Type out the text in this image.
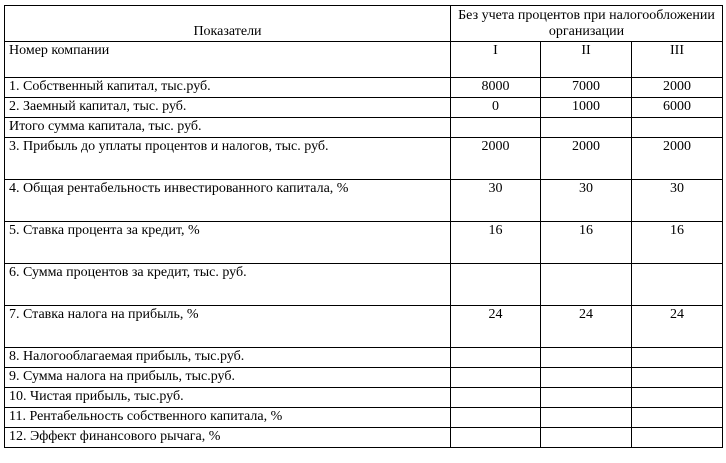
Показатели	Без учета процентов при налогообложении организации		
Номер компании	I	II	III
1. Собственный капитал, тыс.руб.	8000	7000	2000
2. Заемный капитал, тыс. руб.	0	1000	6000
Итого сумма капитала, тыс. руб.			
3. Прибыль до уплаты процентов и налогов, тыс. руб.	2000	2000	2000
4. Общая рентабельность инвестированного капитала, %	30	30	30
5. Ставка процента за кредит, %	16	16	16
6. Сумма процентов за кредит, тыс. руб.			
7. Ставка налога на прибыль, %	24	24	24
8. Налогооблагаемая прибыль, тыс.руб.			
9. Сумма налога на прибыль, тыс.руб.			
10. Чистая прибыль, тыс.руб.			
11. Рентабельность собственного капитала, %			
12. Эффект финансового рычага, %			
